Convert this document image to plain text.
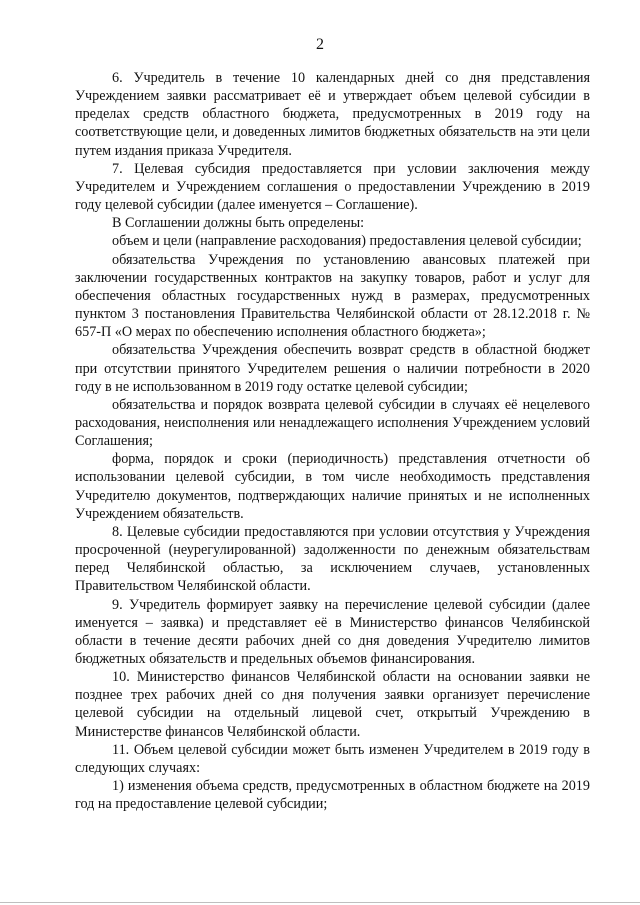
2

6. Учредитель в течение 10 календарных дней со дня представления Учреждением заявки рассматривает её и утверждает объем целевой субсидии в пределах средств областного бюджета, предусмотренных в 2019 году на соответствующие цели, и доведенных лимитов бюджетных обязательств на эти цели путем издания приказа Учредителя.

7. Целевая субсидия предоставляется при условии заключения между Учредителем и Учреждением соглашения о предоставлении Учреждению в 2019 году целевой субсидии (далее именуется – Соглашение).

В Соглашении должны быть определены:

объем и цели (направление расходования) предоставления целевой субсидии;

обязательства Учреждения по установлению авансовых платежей при заключении государственных контрактов на закупку товаров, работ и услуг для обеспечения областных государственных нужд в размерах, предусмотренных пунктом 3 постановления Правительства Челябинской области от 28.12.2018 г. № 657-П «О мерах по обеспечению исполнения областного бюджета»;

обязательства Учреждения обеспечить возврат средств в областной бюджет при отсутствии принятого Учредителем решения о наличии потребности в 2020 году в не использованном в 2019 году остатке целевой субсидии;

обязательства и порядок возврата целевой субсидии в случаях её нецелевого расходования, неисполнения или ненадлежащего исполнения Учреждением условий Соглашения;

форма, порядок и сроки (периодичность) представления отчетности об использовании целевой субсидии, в том числе необходимость представления Учредителю документов, подтверждающих наличие принятых и не исполненных Учреждением обязательств.

8. Целевые субсидии предоставляются при условии отсутствия у Учреждения просроченной (неурегулированной) задолженности по денежным обязательствам перед Челябинской областью, за исключением случаев, установленных Правительством Челябинской области.

9. Учредитель формирует заявку на перечисление целевой субсидии (далее именуется – заявка) и представляет её в Министерство финансов Челябинской области в течение десяти рабочих дней со дня доведения Учредителю лимитов бюджетных обязательств и предельных объемов финансирования.

10. Министерство финансов Челябинской области на основании заявки не позднее трех рабочих дней со дня получения заявки организует перечисление целевой субсидии на отдельный лицевой счет, открытый Учреждению в Министерстве финансов Челябинской области.

11. Объем целевой субсидии может быть изменен Учредителем в 2019 году в следующих случаях:

1) изменения объема средств, предусмотренных в областном бюджете на 2019 год на предоставление целевой субсидии;
